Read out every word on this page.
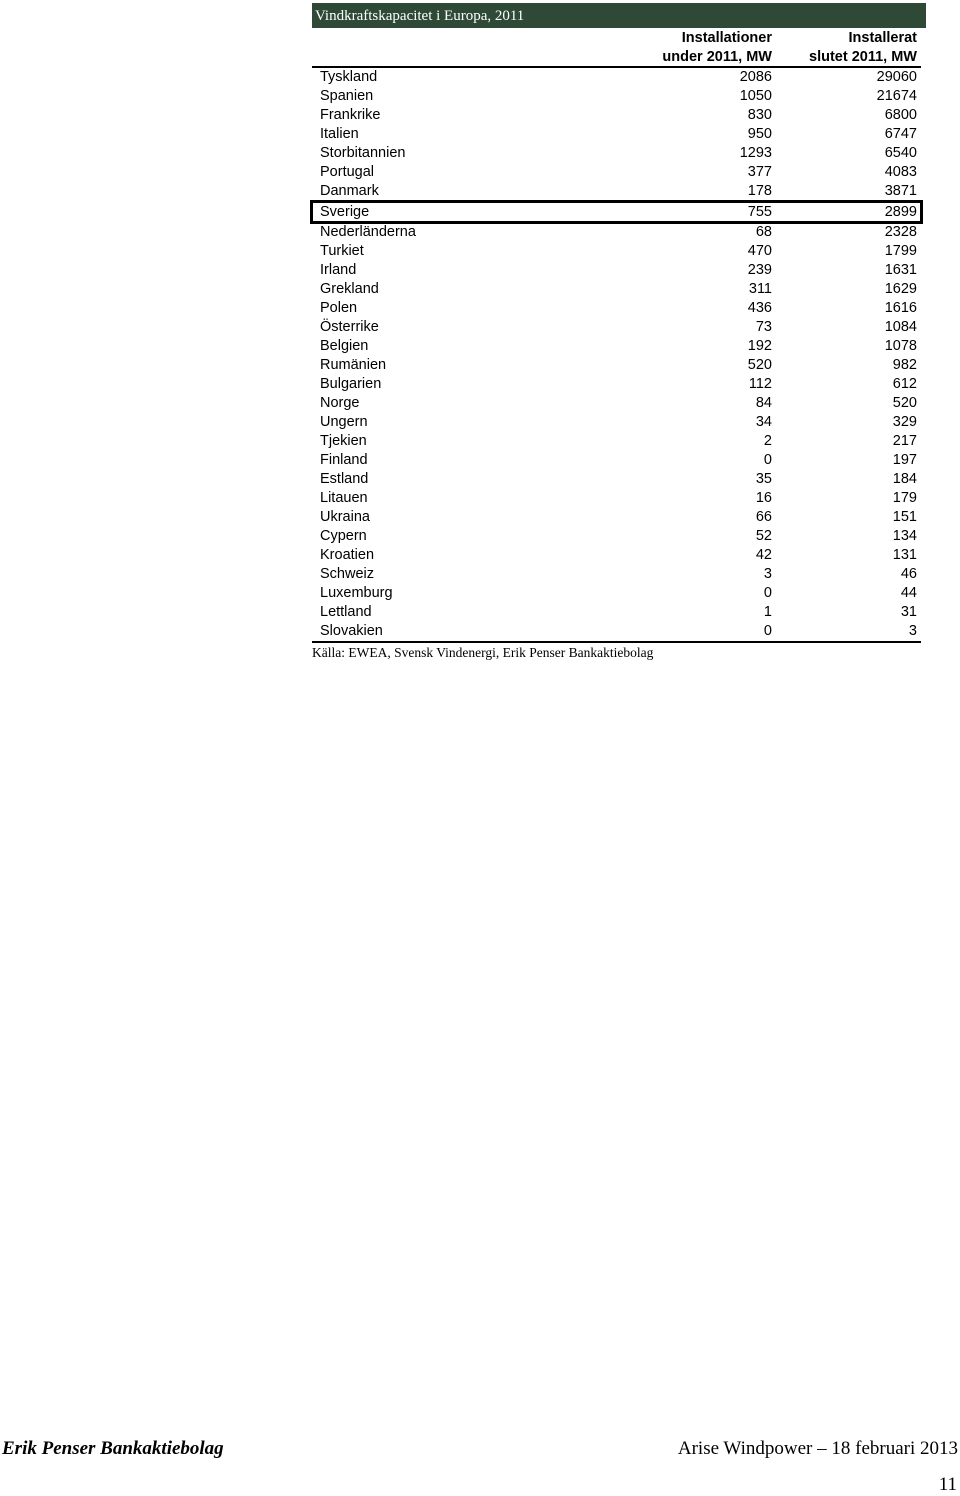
Vindkraftskapacitet i Europa, 2011
Installationer
under 2011, MW
Installerat
slutet 2011, MW
Tyskland	2086	29060
Spanien	1050	21674
Frankrike	830	6800
Italien	950	6747
Storbitannien	1293	6540
Portugal	377	4083
Danmark	178	3871
Sverige	755	2899
Nederländerna	68	2328
Turkiet	470	1799
Irland	239	1631
Grekland	311	1629
Polen	436	1616
Österrike	73	1084
Belgien	192	1078
Rumänien	520	982
Bulgarien	112	612
Norge	84	520
Ungern	34	329
Tjekien	2	217
Finland	0	197
Estland	35	184
Litauen	16	179
Ukraina	66	151
Cypern	52	134
Kroatien	42	131
Schweiz	3	46
Luxemburg	0	44
Lettland	1	31
Slovakien	0	3
Källa: EWEA, Svensk Vindenergi, Erik Penser Bankaktiebolag
Erik Penser Bankaktiebolag	Arise Windpower – 18 februari 2013
11
